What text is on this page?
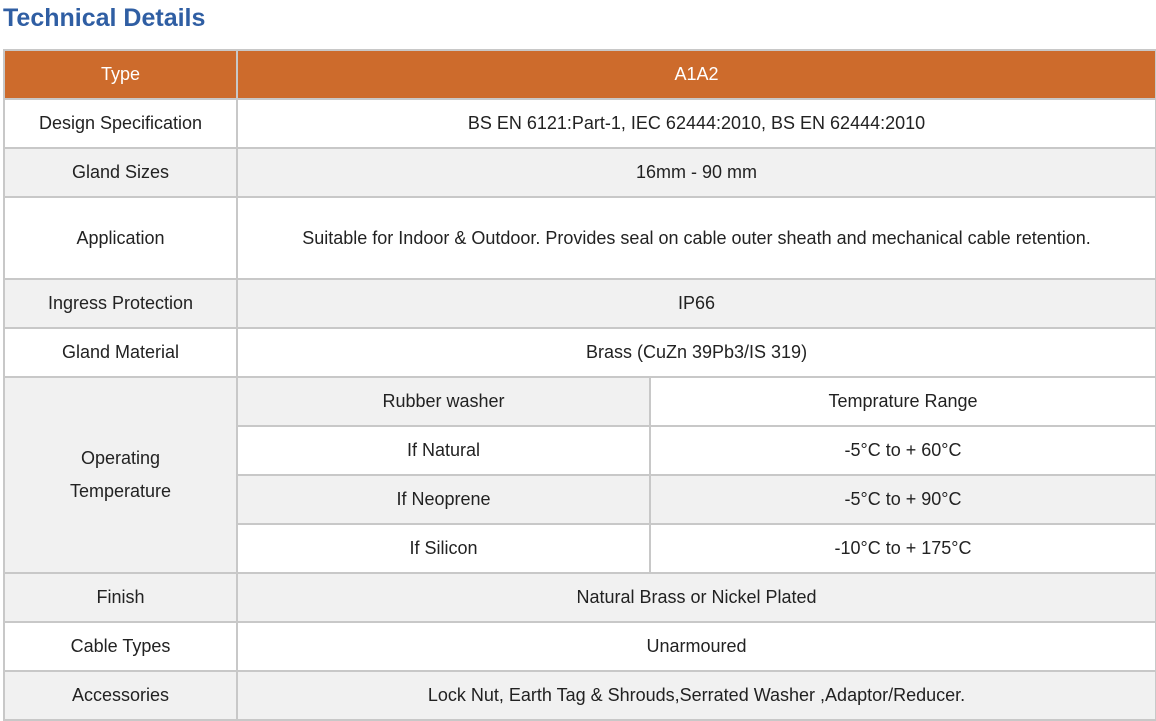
Technical Details
Type	A1A2	
Design Specification	BS EN 6121:Part-1, IEC 62444:2010, BS EN 62444:2010	
Gland Sizes	16mm - 90 mm	
Application	Suitable for Indoor & Outdoor. Provides seal on cable outer sheath and mechanical cable retention.	
Ingress Protection	IP66	
Gland Material	Brass (CuZn 39Pb3/IS 319)	
Operating Temperature	Rubber washer	Temprature Range
	If Natural	-5°C to + 60°C
	If Neoprene	-5°C to + 90°C
	If Silicon	-10°C to + 175°C
Finish	Natural Brass or Nickel Plated	
Cable Types	Unarmoured	
Accessories	Lock Nut, Earth Tag & Shrouds,Serrated Washer ,Adaptor/Reducer.	
